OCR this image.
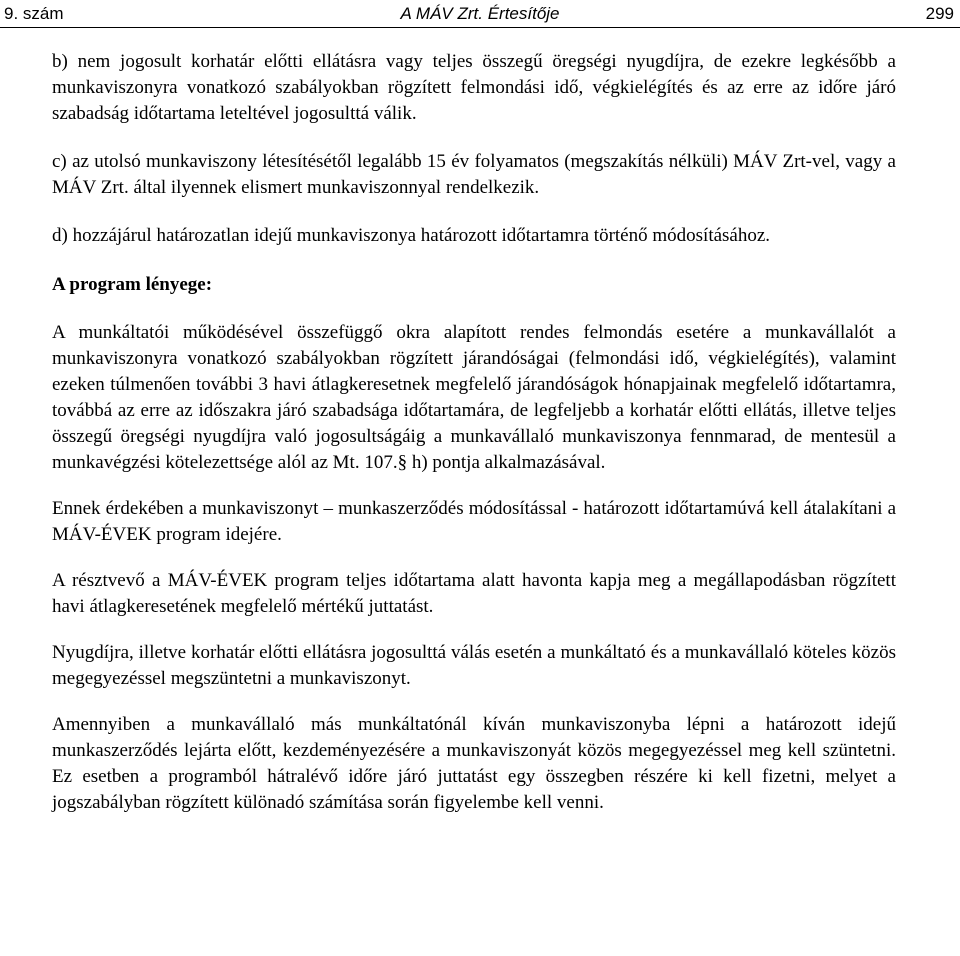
9. szám	A MÁV Zrt. Értesítője	299

b) nem jogosult korhatár előtti ellátásra vagy teljes összegű öregségi nyugdíjra, de ezekre legkésőbb a munkaviszonyra vonatkozó szabályokban rögzített felmondási idő, végkielégítés és az erre az időre járó szabadság időtartama leteltével jogosulttá válik.

c) az utolsó munkaviszony létesítésétől legalább 15 év folyamatos (megszakítás nélküli) MÁV Zrt-vel, vagy a MÁV Zrt. által ilyennek elismert munkaviszonnyal rendelkezik.

d) hozzájárul határozatlan idejű munkaviszonya határozott időtartamra történő módosításához.

A program lényege:

A munkáltatói működésével összefüggő okra alapított rendes felmondás esetére a munkavállalót a munkaviszonyra vonatkozó szabályokban rögzített járandóságai (felmondási idő, végkielégítés), valamint ezeken túlmenően további 3 havi átlagkeresetnek megfelelő járandóságok hónapjainak megfelelő időtartamra, továbbá az erre az időszakra járó szabadsága időtartamára, de legfeljebb a korhatár előtti ellátás, illetve teljes összegű öregségi nyugdíjra való jogosultságáig a munkavállaló munkaviszonya fennmarad, de mentesül a munkavégzési kötelezettsége alól az Mt. 107.§ h) pontja alkalmazásával.

Ennek érdekében a munkaviszonyt – munkaszerződés módosítással - határozott időtartamúvá kell átalakítani a MÁV-ÉVEK program idejére.

A résztvevő a MÁV-ÉVEK program teljes időtartama alatt havonta kapja meg a megállapodásban rögzített havi átlagkeresetének megfelelő mértékű juttatást.

Nyugdíjra, illetve korhatár előtti ellátásra jogosulttá válás esetén a munkáltató és a munkavállaló köteles közös megegyezéssel megszüntetni a munkaviszonyt.

Amennyiben a munkavállaló más munkáltatónál kíván munkaviszonyba lépni a határozott idejű munkaszerződés lejárta előtt, kezdeményezésére a munkaviszonyát közös megegyezéssel meg kell szüntetni. Ez esetben a programból hátralévő időre járó juttatást egy összegben részére ki kell fizetni, melyet a jogszabályban rögzített különadó számítása során figyelembe kell venni.
